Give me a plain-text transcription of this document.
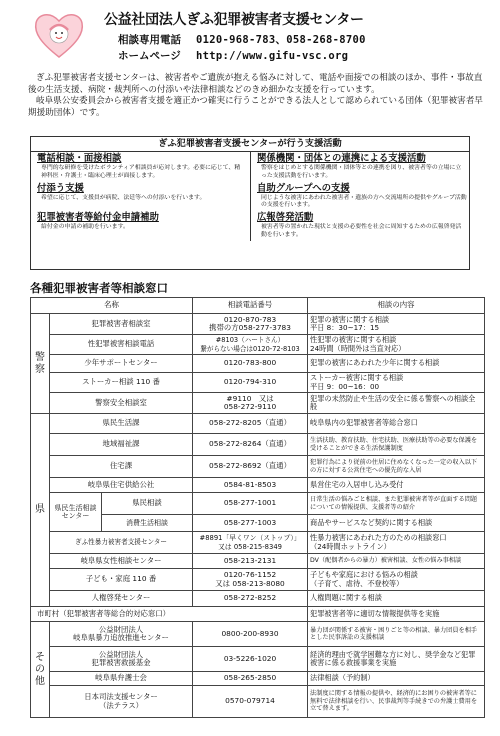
公益社団法人ぎふ犯罪被害者支援センター
相談専用電話 0120-968-783、058-268-8700
ホームページ http://www.gifu-vsc.org

ぎふ犯罪被害者支援センターは、被害者やご遺族が抱える悩みに対して、電話や面接での相談のほか、事件・事故直後の生活支援、病院・裁判所への付添いや法律相談などのきめ細かな支援を行っています。

岐阜県公安委員会から被害者支援を適正かつ確実に行うことができる法人として認められている団体（犯罪被害者早期援助団体）です。

ぎふ犯罪被害者支援センターが行う支援活動
電話相談・面接相談

専門的な研修を受けたボランティア相談員が応対します。必要に応じて、精神科医・弁護士・臨床心理士が面接します。

関係機関・団体との連携による支援活動

警察をはじめとする関係機関・団体等との連携を図り、被害者等の立場に立った支援活動を行います。

付添う支援

希望に応じて、支援員が病院、法廷等への付添いを行います。

自助グループへの支援

同じような被害にあわれた被害者・遺族の方へ交流場所の提供やグループ活動の支援を行います。

犯罪被害者等給付金申請補助

給付金の申請の補助を行います。

広報啓発活動

被害者等の置かれた現状と支援の必要性を社会に周知するための広報啓発活動を行います。

各種犯罪被害者等相談窓口
名称			相談電話番号	相談の内容
警
察	犯罪被害者相談室		0120-870-783
携帯の方058-277-3783	犯罪の被害に関する相談
平日 8：30~17：15
	性犯罪被害相談電話		#8103（ハートさん）
繋がらない場合は0120-72-8103	性犯罪の被害に関する相談
24時間（時間外は当直対応）
	少年サポートセンター		0120-783-800	犯罪の被害にあわれた少年に関する相談
	ストーカー相談 110 番		0120-794-310	ストーカー被害に関する相談
平日 9：00~16：00
	警察安全相談室		#9110　又は
058-272-9110	犯罪の未然防止や生活の安全に係る警察への相談全般
県	県民生活課		058-272-8205（直通）	岐阜県内の犯罪被害者等総合窓口
	地域福祉課		058-272-8264（直通）	生活扶助、教育扶助、住宅扶助、医療扶助等の必要な保護を受けることができる生活保護制度
	住宅課		058-272-8692（直通）	犯罪行為により従前の住居に住めなくなった一定の収入以下の方に対する公営住宅への優先的な入居
	岐阜県住宅供給公社		0584-81-8503	県営住宅の入居申し込み受付
	県民生活相談センター	県民相談	058-277-1001	日常生活の悩みごと相談、また犯罪被害者等が直面する問題についての情報提供、支援者等の紹介
		消費生活相談	058-277-1003	商品やサービスなど契約に関する相談
	ぎふ性暴力被害者支援センター		#8891「早くワン（ストップ）」
又は 058-215-8349	性暴力被害にあわれた方のための相談窓口
（24時間ホットライン）
	岐阜県女性相談センター		058-213-2131	DV（配偶者からの暴力）被害相談、女性の悩み事相談
	子ども・家庭 110 番		0120-76-1152
又は 058-213-8080	子どもや家庭における悩みの相談
（子育て、虐待、不登校等）
	人権啓発センター		058-272-8252	人権問題に関する相談

市町村（犯罪被害者等総合的対応窓口）				犯罪被害者等に適切な情報提供等を実施
そ
の
他	公益財団法人
岐阜県暴力追放推進センター		0800-200-8930	暴力団が関係する被害・困りごと等の相談、暴力団員を相手とした民事訴訟の支援相談
	公益財団法人
犯罪被害救援基金		03-5226-1020	経済的理由で就学困難な方に対し、奨学金など犯罪被害に係る救援事業を実施
	岐阜県弁護士会		058-265-2850	法律相談（予約制）
	日本司法支援センター
（法テラス）		0570-079714	法制度に関する情報の提供や、経済的にお困りの被害者等に無料で法律相談を行い、民事裁判等手続きでの弁護士費用を立て替えます。
